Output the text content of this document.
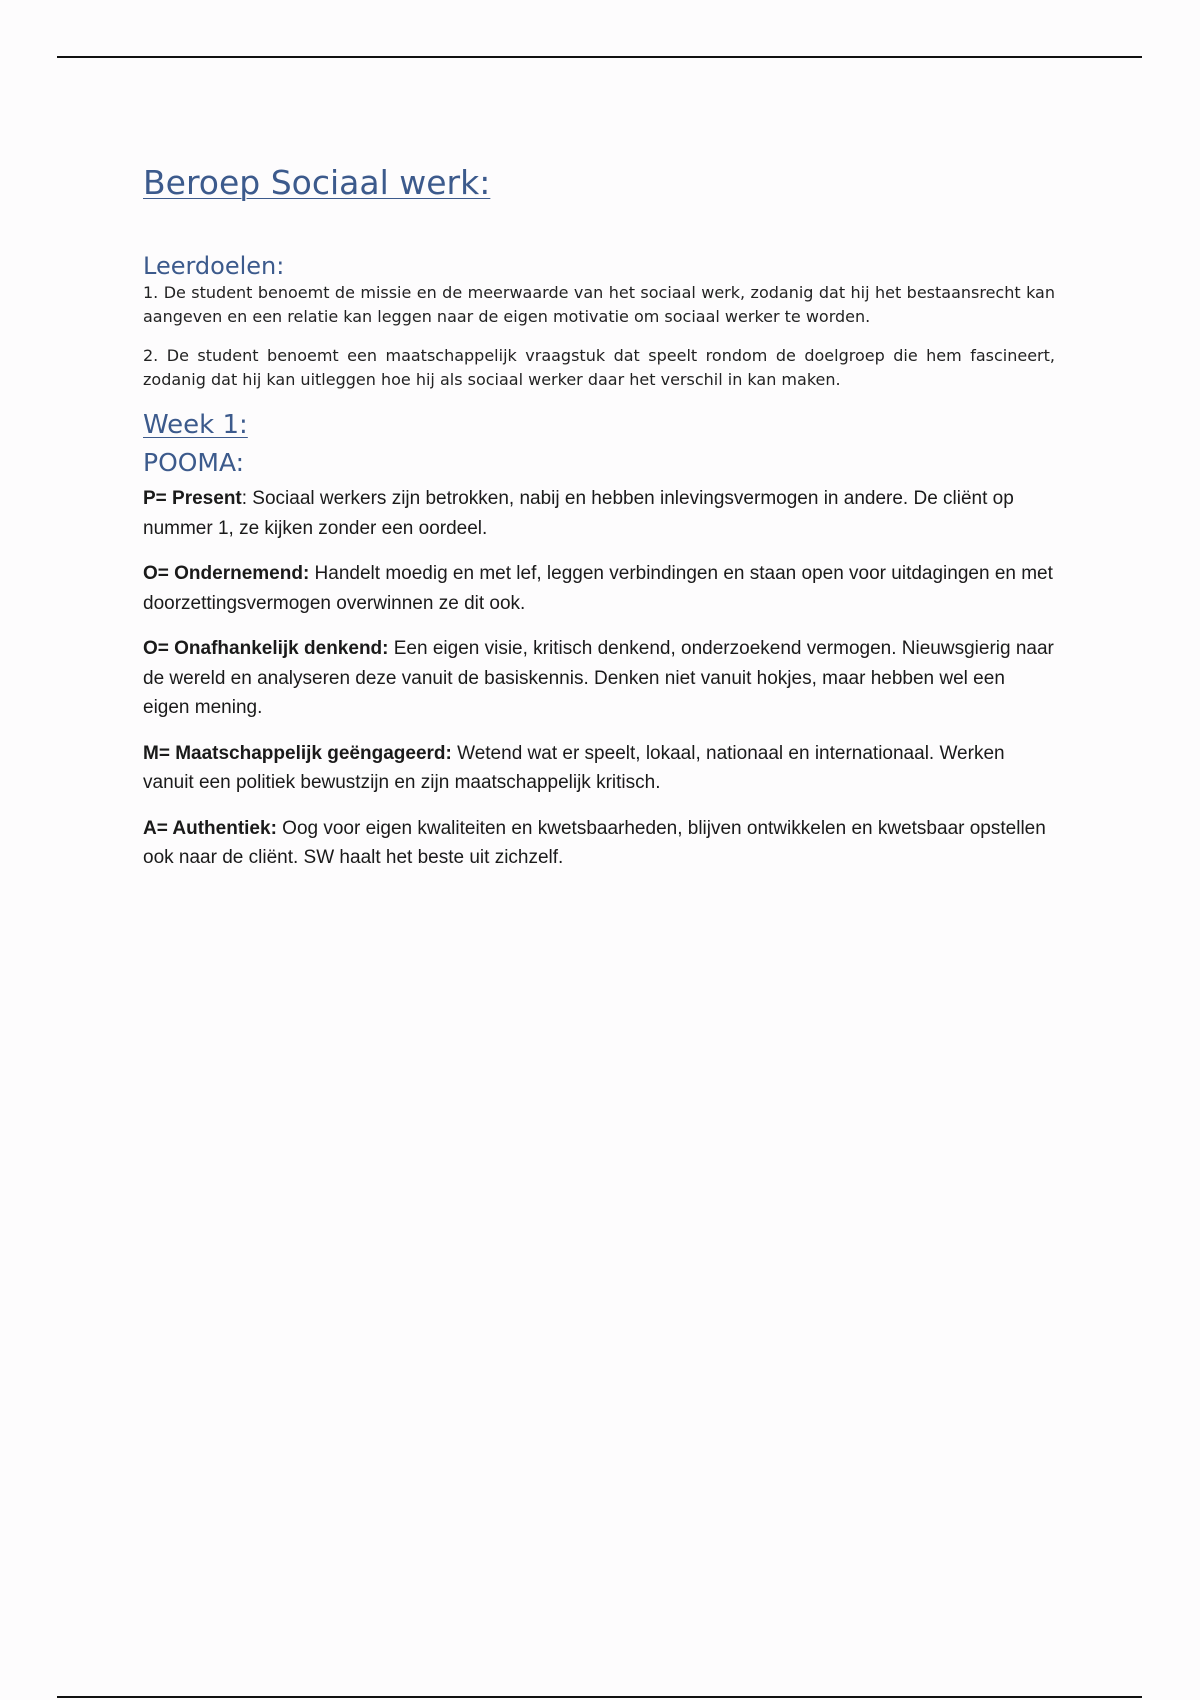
Beroep Sociaal werk:
Leerdoelen:

1. De student benoemt de missie en de meerwaarde van het sociaal werk, zodanig dat hij het bestaansrecht kan aangeven en een relatie kan leggen naar de eigen motivatie om sociaal werker te worden.

2. De student benoemt een maatschappelijk vraagstuk dat speelt rondom de doelgroep die hem fascineert, zodanig dat hij kan uitleggen hoe hij als sociaal werker daar het verschil in kan maken.

Week 1:
POOMA:

P= Present: Sociaal werkers zijn betrokken, nabij en hebben inlevingsvermogen in andere. De cliënt op nummer 1, ze kijken zonder een oordeel.

O= Ondernemend: Handelt moedig en met lef, leggen verbindingen en staan open voor uitdagingen en met doorzettingsvermogen overwinnen ze dit ook.

O= Onafhankelijk denkend: Een eigen visie, kritisch denkend, onderzoekend vermogen. Nieuwsgierig naar de wereld en analyseren deze vanuit de basiskennis. Denken niet vanuit hokjes, maar hebben wel een eigen mening.

M= Maatschappelijk geëngageerd: Wetend wat er speelt, lokaal, nationaal en internationaal. Werken vanuit een politiek bewustzijn en zijn maatschappelijk kritisch.

A= Authentiek: Oog voor eigen kwaliteiten en kwetsbaarheden, blijven ontwikkelen en kwetsbaar opstellen ook naar de cliënt. SW haalt het beste uit zichzelf.
